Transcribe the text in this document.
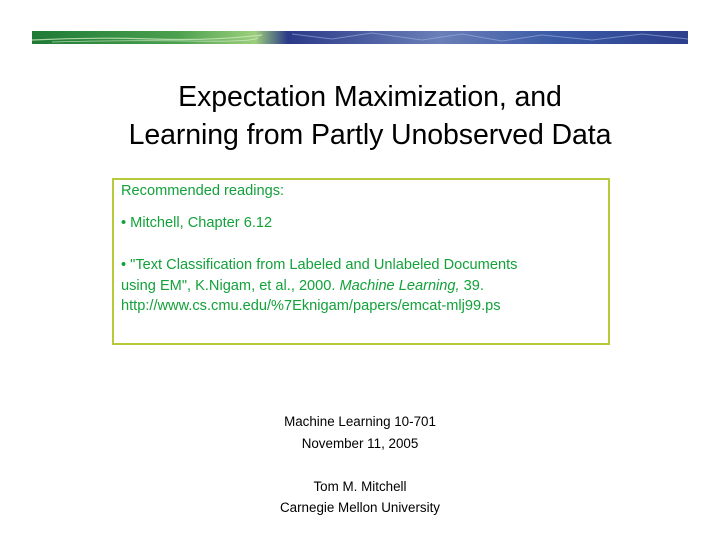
Expectation Maximization, and
Learning from Partly Unobserved Data
Recommended readings:
• Mitchell, Chapter 6.12
• "Text Classification from Labeled and Unlabeled Documents
using EM", K.Nigam, et al., 2000. Machine Learning, 39.
http://www.cs.cmu.edu/%7Eknigam/papers/emcat-mlj99.ps
Machine Learning 10-701
November 11, 2005
Tom M. Mitchell
Carnegie Mellon University
